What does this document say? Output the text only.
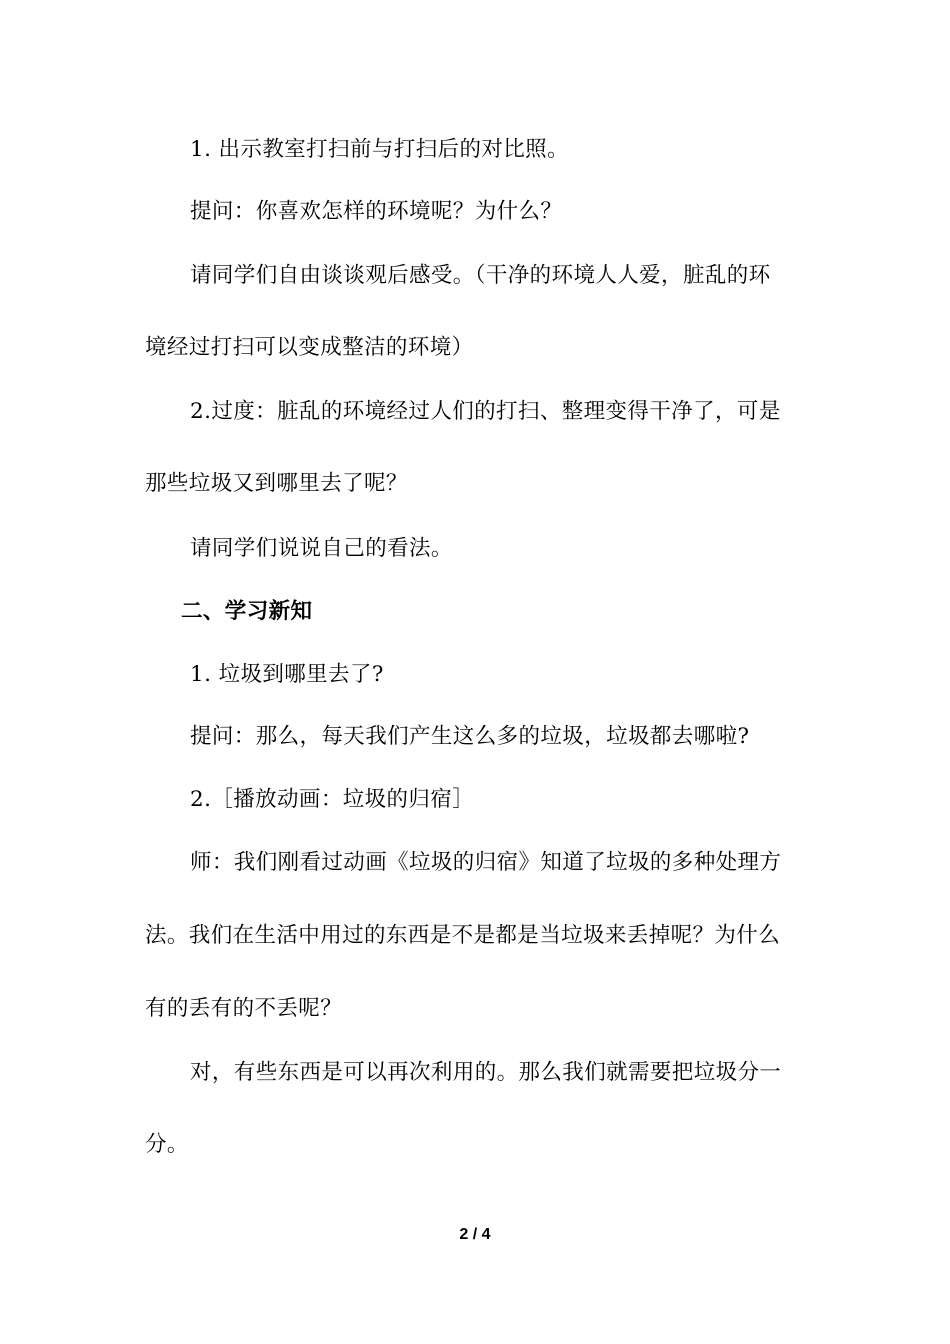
1. 出示教室打扫前与打扫后的对比照。
提问：你喜欢怎样的环境呢？为什么？
请同学们自由谈谈观后感受。（干净的环境人人爱，脏乱的环
境经过打扫可以变成整洁的环境）
2.过度：脏乱的环境经过人们的打扫、整理变得干净了，可是
那些垃圾又到哪里去了呢？
请同学们说说自己的看法。
二、学习新知
1. 垃圾到哪里去了?
提问：那么，每天我们产生这么多的垃圾，垃圾都去哪啦?
2.［播放动画：垃圾的归宿］
师：我们刚看过动画《垃圾的归宿》知道了垃圾的多种处理方
法。我们在生活中用过的东西是不是都是当垃圾来丢掉呢？为什么
有的丢有的不丢呢？
对，有些东西是可以再次利用的。那么我们就需要把垃圾分一
分。
2 / 4
